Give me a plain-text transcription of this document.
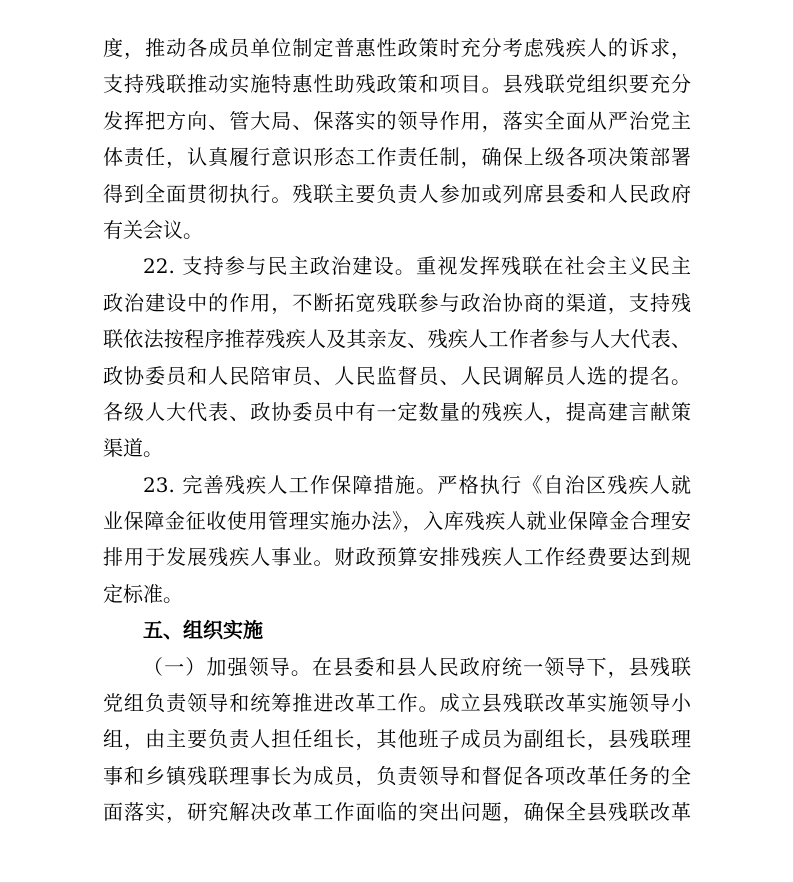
度，推动各成员单位制定普惠性政策时充分考虑残疾人的诉求，
支持残联推动实施特惠性助残政策和项目。县残联党组织要充分
发挥把方向、管大局、保落实的领导作用，落实全面从严治党主
体责任，认真履行意识形态工作责任制，确保上级各项决策部署
得到全面贯彻执行。残联主要负责人参加或列席县委和人民政府
有关会议。
22. 支持参与民主政治建设。重视发挥残联在社会主义民主
政治建设中的作用，不断拓宽残联参与政治协商的渠道，支持残
联依法按程序推荐残疾人及其亲友、残疾人工作者参与人大代表、
政协委员和人民陪审员、人民监督员、人民调解员人选的提名。
各级人大代表、政协委员中有一定数量的残疾人，提高建言献策
渠道。
23. 完善残疾人工作保障措施。严格执行《自治区残疾人就
业保障金征收使用管理实施办法》，入库残疾人就业保障金合理安
排用于发展残疾人事业。财政预算安排残疾人工作经费要达到规
定标准。
五、组织实施
（一）加强领导。在县委和县人民政府统一领导下，县残联
党组负责领导和统筹推进改革工作。成立县残联改革实施领导小
组，由主要负责人担任组长，其他班子成员为副组长，县残联理
事和乡镇残联理事长为成员，负责领导和督促各项改革任务的全
面落实，研究解决改革工作面临的突出问题，确保全县残联改革
